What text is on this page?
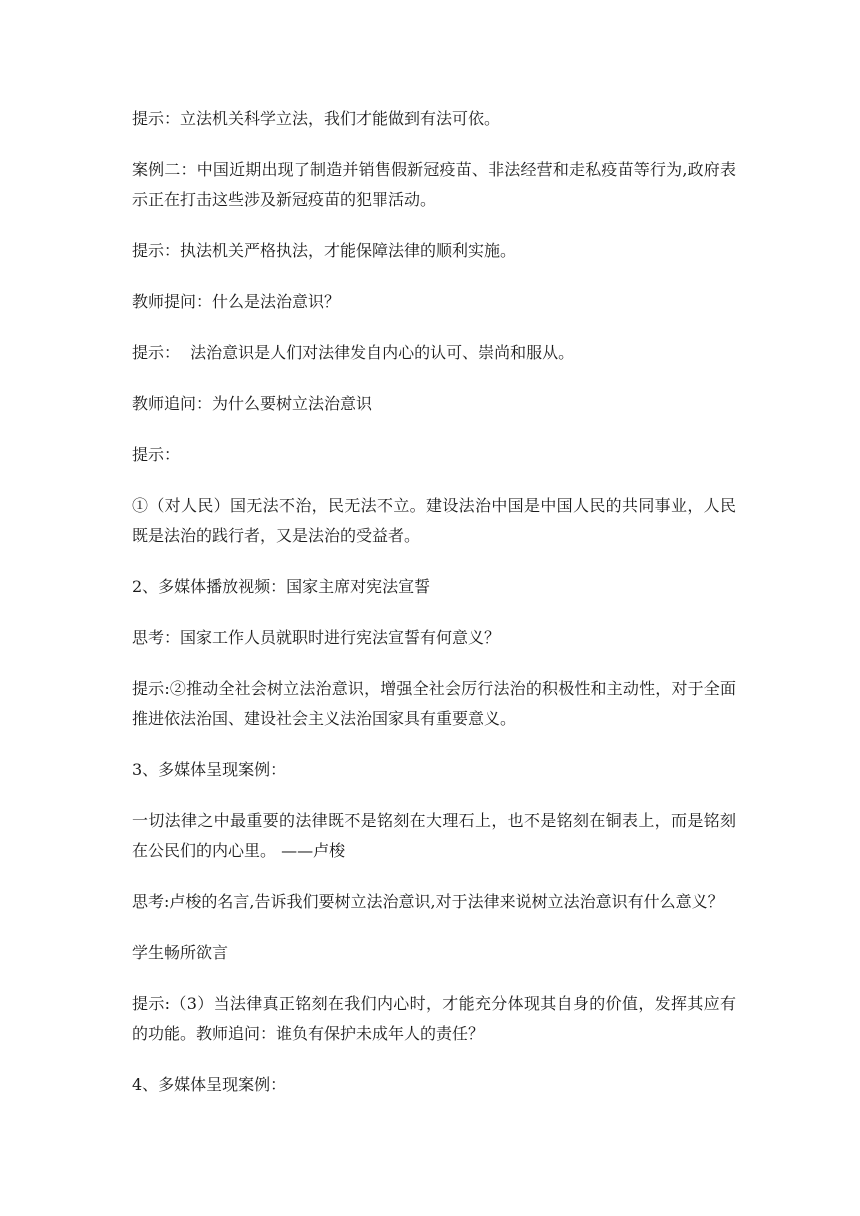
提示：立法机关科学立法，我们才能做到有法可依。

案例二：中国近期出现了制造并销售假新冠疫苗、非法经营和走私疫苗等行为,政府表示正在打击这些涉及新冠疫苗的犯罪活动。

提示：执法机关严格执法，才能保障法律的顺利实施。

教师提问：什么是法治意识？

提示：  法治意识是人们对法律发自内心的认可、崇尚和服从。

教师追问：为什么要树立法治意识

提示：

①（对人民）国无法不治，民无法不立。建设法治中国是中国人民的共同事业，人民既是法治的践行者，又是法治的受益者。

2、多媒体播放视频：国家主席对宪法宣誓

思考：国家工作人员就职时进行宪法宣誓有何意义？

提示:②推动全社会树立法治意识，增强全社会厉行法治的积极性和主动性，对于全面推进依法治国、建设社会主义法治国家具有重要意义。

3、多媒体呈现案例：

一切法律之中最重要的法律既不是铭刻在大理石上，也不是铭刻在铜表上，而是铭刻在公民们的内心里。 ——卢梭

思考:卢梭的名言,告诉我们要树立法治意识,对于法律来说树立法治意识有什么意义？

学生畅所欲言

提示:（3）当法律真正铭刻在我们内心时，才能充分体现其自身的价值，发挥其应有的功能。教师追问：谁负有保护未成年人的责任？

4、多媒体呈现案例：
